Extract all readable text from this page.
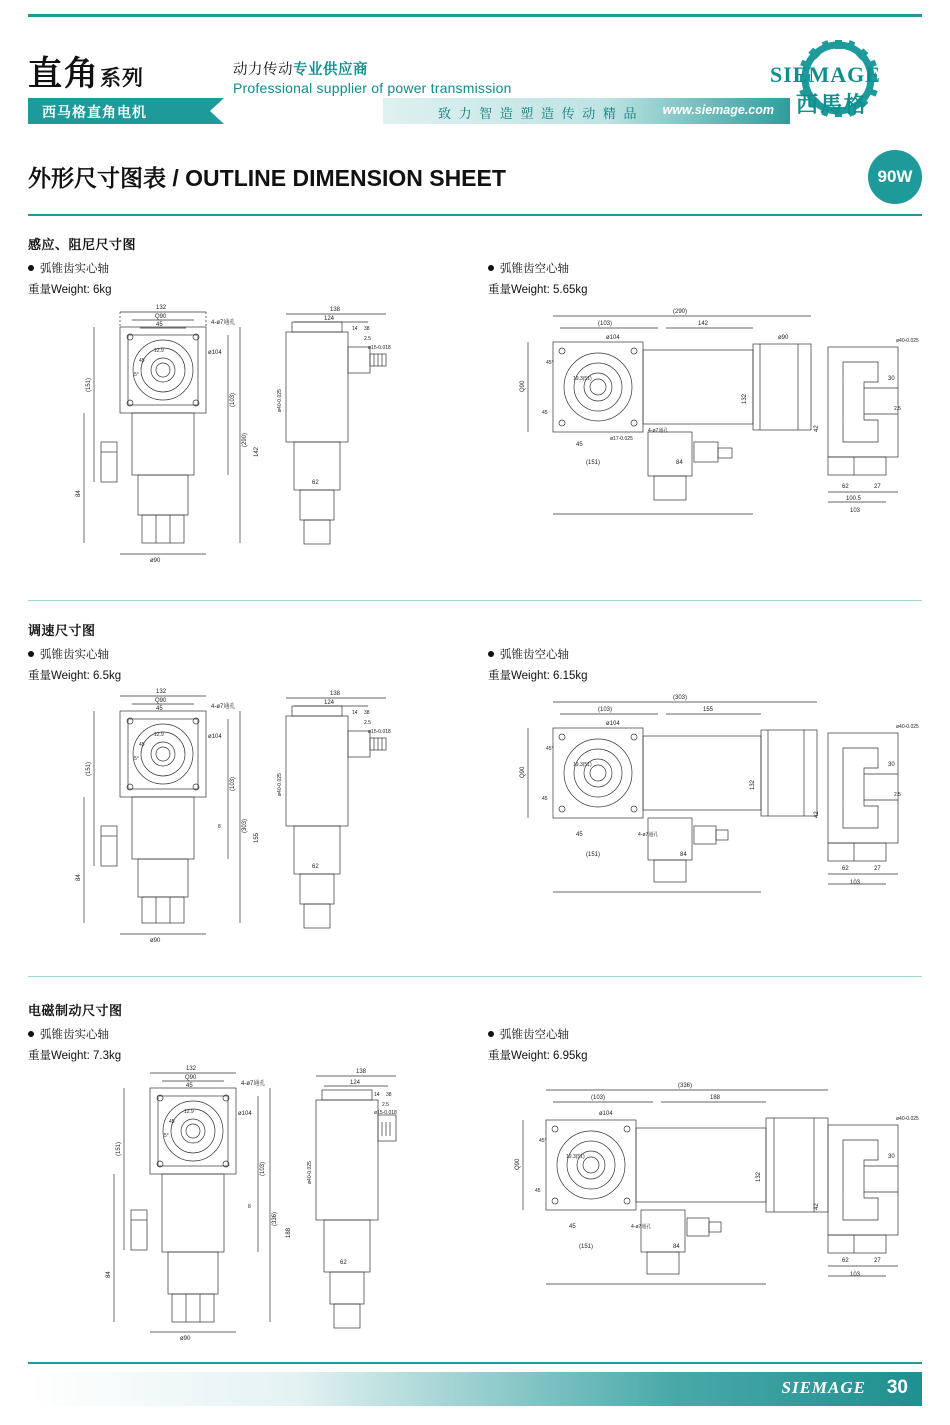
直角系列
西马格直角电机
动力传动专业供应商
Professional supplier of power transmission
致 力 智 造 塑 造 传 动 精 品 www.siemage.com
SIEMAGE
西馬格
外形尺寸图表 / OUTLINE DIMENSION SHEET	90W
感应、阻尼尺寸图
弧锥齿实心轴
重量Weight: 6kg
弧锥齿空心轴
重量Weight: 5.65kg
132
Q90
45	4-ø7通孔
ø104
12.9
45
5°
(151)
(103)
(290)
84
ø90
142
138
124
14 38
2.5
ø15-0.018
62
ø40-0.025
(290)
(103)	142
ø104
19.3(51)
Q90
45°
45
45
ø17-0.025
4-ø7通孔
(151)	84
ø90
132
ø40-0.025
30
2.5
42
62	27
100.5
103
调速尺寸图
弧锥齿实心轴
重量Weight: 6.5kg
弧锥齿空心轴
重量Weight: 6.15kg
132
Q90
45	4-ø7通孔
ø104
12.9
45
5°
(151)
(103)
(303)
84
ø90
155
8
138
124
14 38
2.5
ø15-0.018
62
ø40-0.025
(303)
(103)	155
ø104
19.3(51)
Q90
45°
45
45	4-ø7通孔
(151)	84
132
ø40-0.025
30
2.5
42
62	27
103
电磁制动尺寸图
弧锥齿实心轴
重量Weight: 7.3kg
弧锥齿空心轴
重量Weight: 6.95kg
132
Q90
45	4-ø7通孔
ø104
12.9
45
5°
(151)
(103)
(336)
84
ø90
188
8
138
124
14 38
2.5
ø15-0.018
62
ø40-0.025
(336)
(103)	188
ø104
19.3(51)
Q90
45°
45
45	4-ø7通孔
(151)	84
132
ø40-0.025
30
42
62	27
103
SIEMAGE 30
